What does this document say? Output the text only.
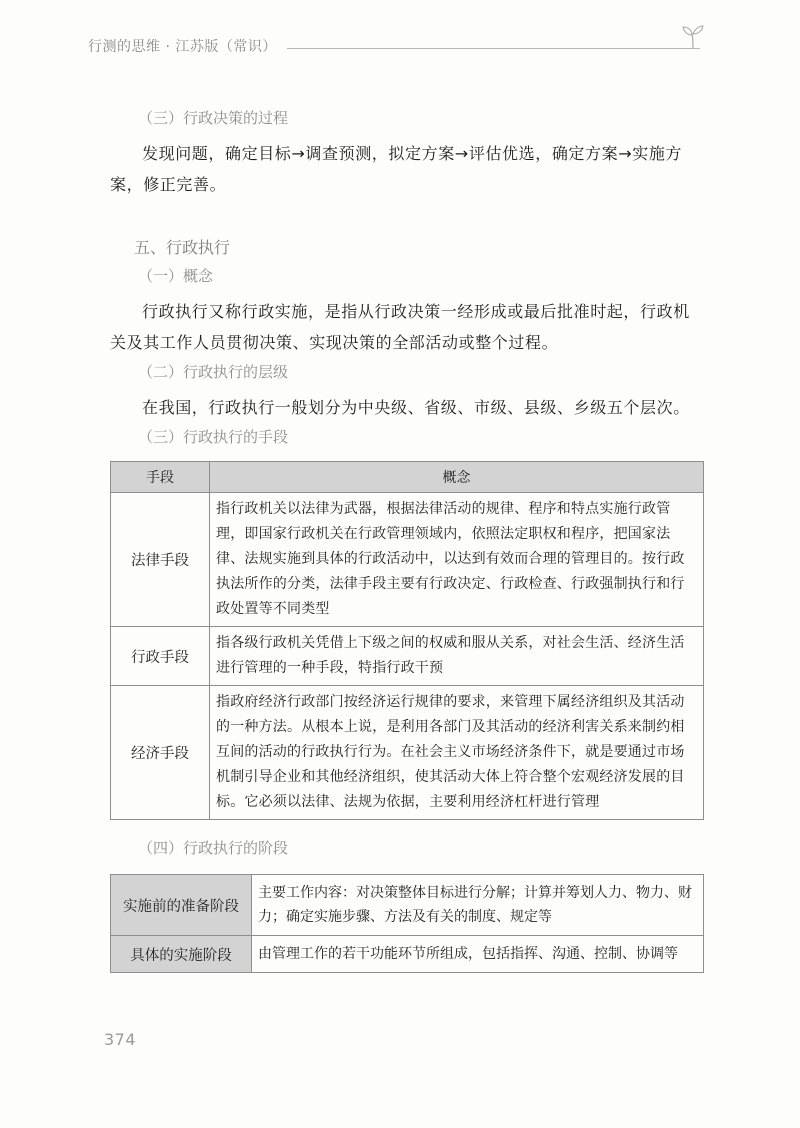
行测的思维 · 江苏版（常识）
（三）行政决策的过程

发现问题，确定目标→调查预测，拟定方案→评估优选，确定方案→实施方案，修正完善。

五、行政执行
（一）概念

行政执行又称行政实施，是指从行政决策一经形成或最后批准时起，行政机关及其工作人员贯彻决策、实现决策的全部活动或整个过程。

（二）行政执行的层级

在我国，行政执行一般划分为中央级、省级、市级、县级、乡级五个层次。

（三）行政执行的手段
手段	概念
法律手段	指行政机关以法律为武器，根据法律活动的规律、程序和特点实施行政管理，即国家行政机关在行政管理领域内，依照法定职权和程序，把国家法律、法规实施到具体的行政活动中，以达到有效而合理的管理目的。按行政执法所作的分类，法律手段主要有行政决定、行政检查、行政强制执行和行政处置等不同类型
行政手段	指各级行政机关凭借上下级之间的权威和服从关系，对社会生活、经济生活进行管理的一种手段，特指行政干预
经济手段	指政府经济行政部门按经济运行规律的要求，来管理下属经济组织及其活动的一种方法。从根本上说，是利用各部门及其活动的经济利害关系来制约相互间的活动的行政执行行为。在社会主义市场经济条件下，就是要通过市场机制引导企业和其他经济组织，使其活动大体上符合整个宏观经济发展的目标。它必须以法律、法规为依据，主要利用经济杠杆进行管理
（四）行政执行的阶段
实施前的准备阶段	主要工作内容：对决策整体目标进行分解；计算并筹划人力、物力、财力；确定实施步骤、方法及有关的制度、规定等
具体的实施阶段	由管理工作的若干功能环节所组成，包括指挥、沟通、控制、协调等
374
